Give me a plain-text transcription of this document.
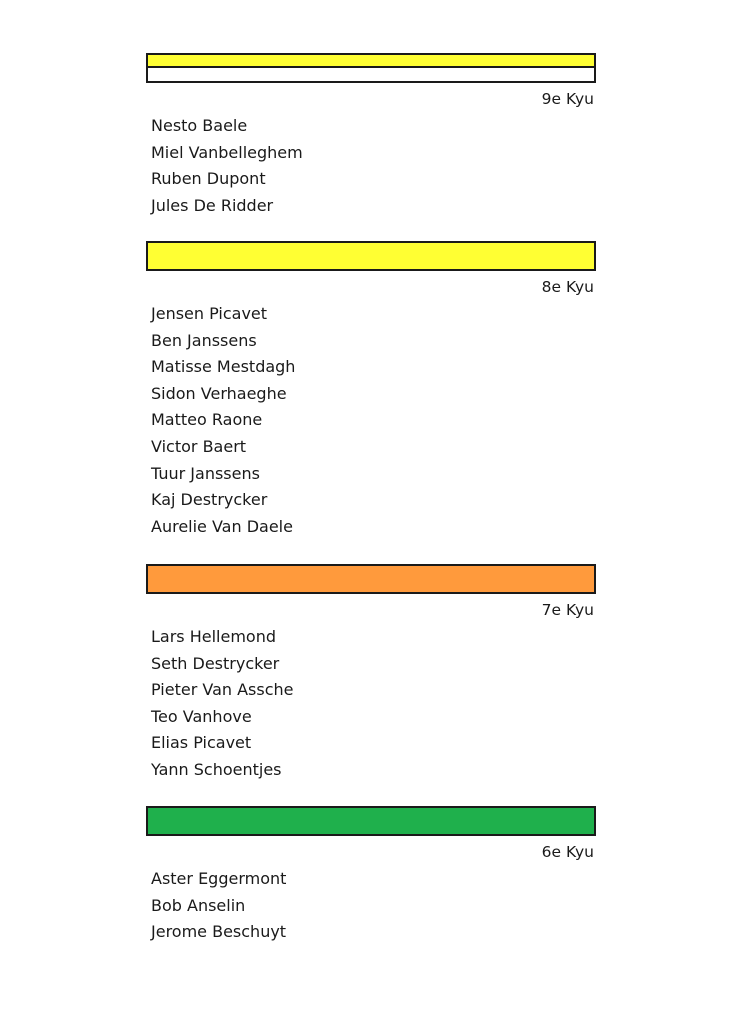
9e Kyu
Nesto Baele
Miel Vanbelleghem
Ruben Dupont
Jules De Ridder
8e Kyu
Jensen Picavet
Ben Janssens
Matisse Mestdagh
Sidon Verhaeghe
Matteo Raone
Victor Baert
Tuur Janssens
Kaj Destrycker
Aurelie Van Daele
7e Kyu
Lars Hellemond
Seth Destrycker
Pieter Van Assche
Teo Vanhove
Elias Picavet
Yann Schoentjes
6e Kyu
Aster Eggermont
Bob Anselin
Jerome Beschuyt
